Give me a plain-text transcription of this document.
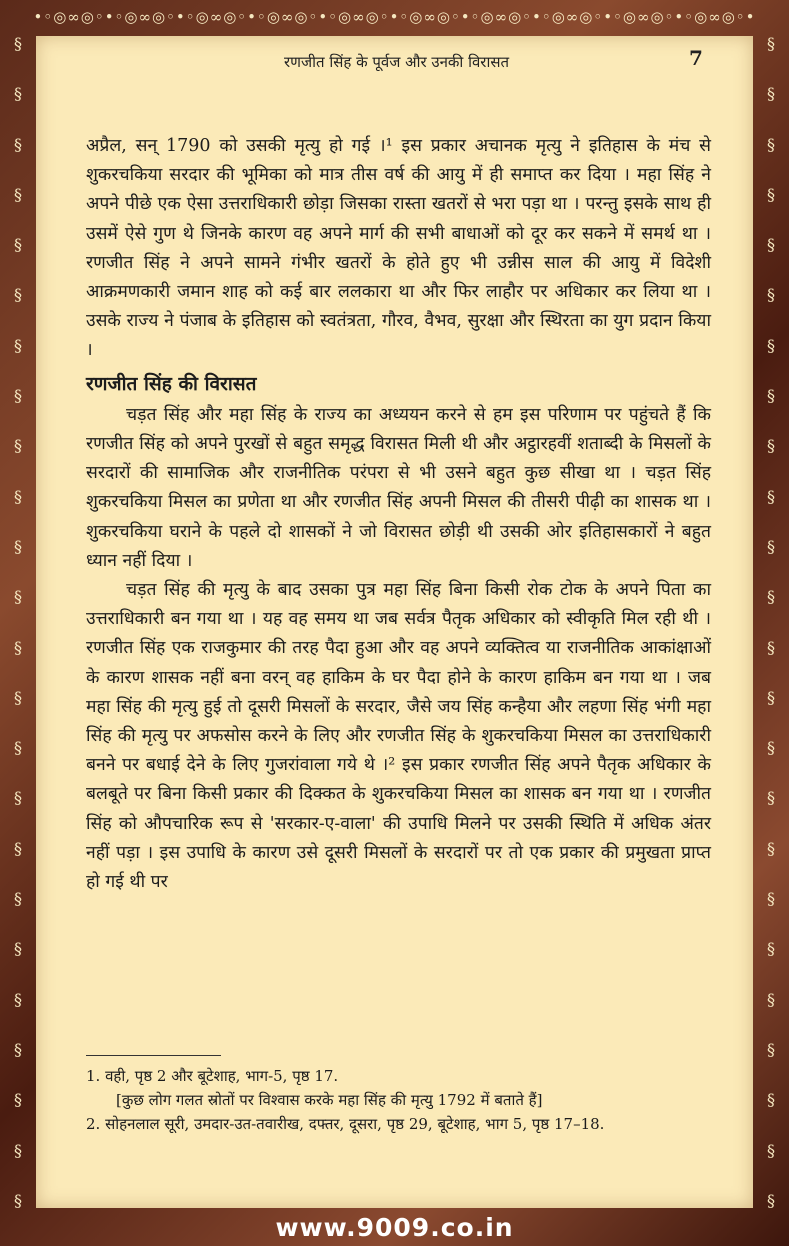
•◦◎∞◎◦•◦◎∞◎◦•◦◎∞◎◦•◦◎∞◎◦•◦◎∞◎◦•◦◎∞◎◦•◦◎∞◎◦•◦◎∞◎◦•◦◎∞◎◦•◦◎∞◎◦•
§
§
§
§
§
§
§
§
§
§
§
§
§
§
§
§
§
§
§
§
§
§
§
§
§
§
§
§
§
§
§
§
§
§
§
§
§
§
§
§
§
§
§
§
§
§
§
§
रणजीत सिंह के पूर्वज और उनकी विरासत	7

अप्रैल, सन् 1790 को उसकी मृत्यु हो गई ।¹ इस प्रकार अचानक मृत्यु ने इतिहास के मंच से शुकरचकिया सरदार की भूमिका को मात्र तीस वर्ष की आयु में ही समाप्त कर दिया । महा सिंह ने अपने पीछे एक ऐसा उत्तराधिकारी छोड़ा जिसका रास्ता खतरों से भरा पड़ा था । परन्तु इसके साथ ही उसमें ऐसे गुण थे जिनके कारण वह अपने मार्ग की सभी बाधाओं को दूर कर सकने में समर्थ था । रणजीत सिंह ने अपने सामने गंभीर खतरों के होते हुए भी उन्नीस साल की आयु में विदेशी आक्रमणकारी जमान शाह को कई बार ललकारा था और फिर लाहौर पर अधिकार कर लिया था । उसके राज्य ने पंजाब के इतिहास को स्वतंत्रता, गौरव, वैभव, सुरक्षा और स्थिरता का युग प्रदान किया ।

रणजीत सिंह की विरासत

चड़त सिंह और महा सिंह के राज्य का अध्ययन करने से हम इस परिणाम पर पहुंचते हैं कि रणजीत सिंह को अपने पुरखों से बहुत समृद्ध विरासत मिली थी और अट्ठारहवीं शताब्दी के मिसलों के सरदारों की सामाजिक और राजनीतिक परंपरा से भी उसने बहुत कुछ सीखा था । चड़त सिंह शुकरचकिया मिसल का प्रणेता था और रणजीत सिंह अपनी मिसल की तीसरी पीढ़ी का शासक था । शुकरचकिया घराने के पहले दो शासकों ने जो विरासत छोड़ी थी उसकी ओर इतिहासकारों ने बहुत ध्यान नहीं दिया ।

चड़त सिंह की मृत्यु के बाद उसका पुत्र महा सिंह बिना किसी रोक टोक के अपने पिता का उत्तराधिकारी बन गया था । यह वह समय था जब सर्वत्र पैतृक अधिकार को स्वीकृति मिल रही थी । रणजीत सिंह एक राजकुमार की तरह पैदा हुआ और वह अपने व्यक्तित्व या राजनीतिक आकांक्षाओं के कारण शासक नहीं बना वरन् वह हाकिम के घर पैदा होने के कारण हाकिम बन गया था । जब महा सिंह की मृत्यु हुई तो दूसरी मिसलों के सरदार, जैसे जय सिंह कन्हैया और लहणा सिंह भंगी महा सिंह की मृत्यु पर अफसोस करने के लिए और रणजीत सिंह के शुकरचकिया मिसल का उत्तराधिकारी बनने पर बधाई देने के लिए गुजरांवाला गये थे ।² इस प्रकार रणजीत सिंह अपने पैतृक अधिकार के बलबूते पर बिना किसी प्रकार की दिक्कत के शुकरचकिया मिसल का शासक बन गया था । रणजीत सिंह को औपचारिक रूप से 'सरकार-ए-वाला' की उपाधि मिलने पर उसकी स्थिति में अधिक अंतर नहीं पड़ा । इस उपाधि के कारण उसे दूसरी मिसलों के सरदारों पर तो एक प्रकार की प्रमुखता प्राप्त हो गई थी पर

1. वही, पृष्ठ 2 और बूटेशाह, भाग-5, पृष्ठ 17.

[कुछ लोग गलत स्रोतों पर विश्वास करके महा सिंह की मृत्यु 1792 में बताते हैं]

2. सोहनलाल सूरी, उमदार-उत-तवारीख, दफ्तर, दूसरा, पृष्ठ 29, बूटेशाह, भाग 5, पृष्ठ 17–18.

www.9009.co.in
